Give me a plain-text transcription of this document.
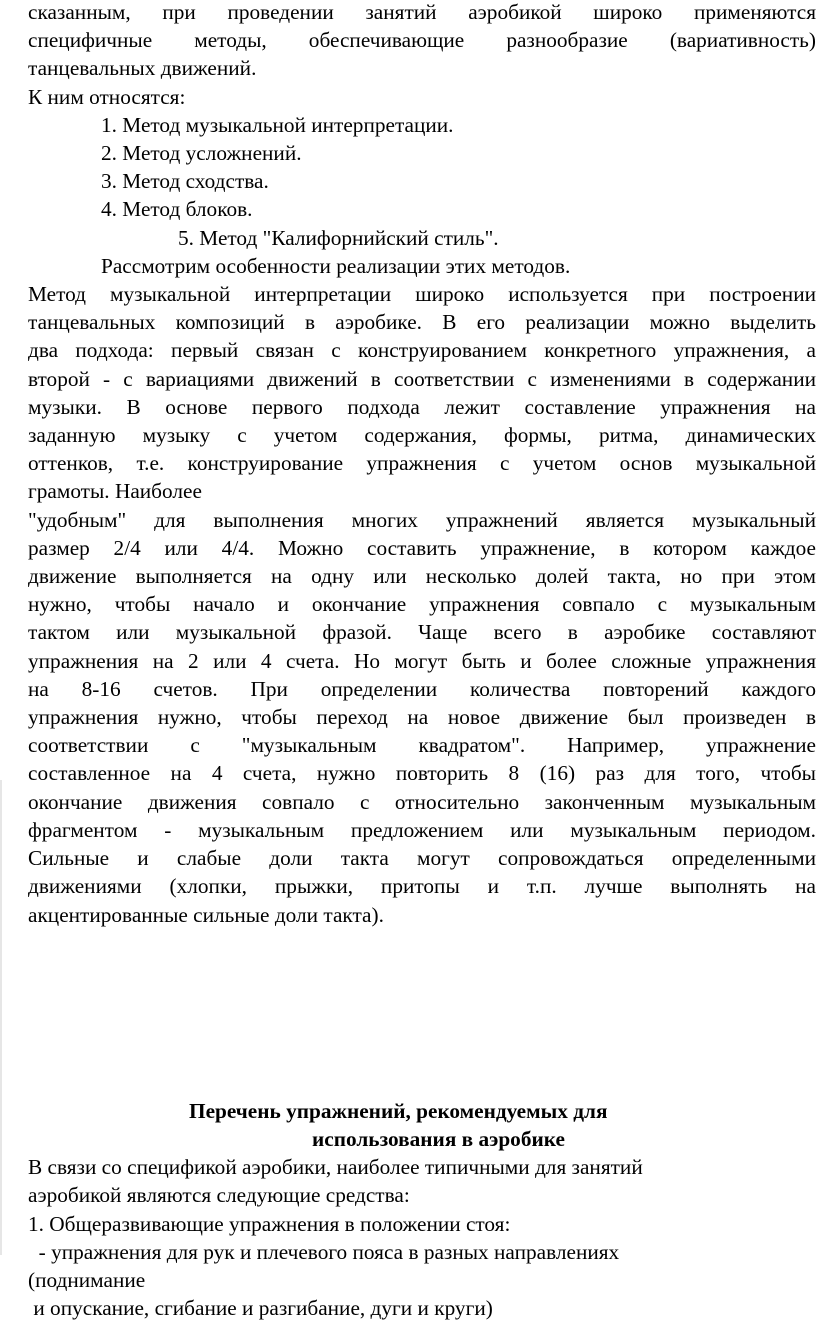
сказанным, при проведении занятий аэробикой широко применяются
специфичные методы, обеспечивающие разнообразие (вариативность)
танцевальных движений.
К ним относятся:
1. Метод музыкальной интерпретации.
2. Метод усложнений.
3. Метод сходства.
4. Метод блоков.
5. Метод "Калифорнийский стиль".
Рассмотрим особенности реализации этих методов.
Метод музыкальной интерпретации широко используется при построении
танцевальных композиций в аэробике. В его реализации можно выделить
два подхода: первый связан с конструированием конкретного упражнения, а
второй - с вариациями движений в соответствии с изменениями в содержании
музыки. В основе первого подхода лежит составление упражнения на
заданную музыку с учетом содержания, формы, ритма, динамических
оттенков, т.е. конструирование упражнения с учетом основ музыкальной
грамоты. Наиболее
"удобным" для выполнения многих упражнений является музыкальный
размер 2/4 или 4/4. Можно составить упражнение, в котором каждое
движение выполняется на одну или несколько долей такта, но при этом
нужно, чтобы начало и окончание упражнения совпало с музыкальным
тактом или музыкальной фразой. Чаще всего в аэробике составляют
упражнения на 2 или 4 счета. Но могут быть и более сложные упражнения
на 8-16 счетов. При определении количества повторений каждого
упражнения нужно, чтобы переход на новое движение был произведен в
соответствии с "музыкальным квадратом". Например, упражнение
составленное на 4 счета, нужно повторить 8 (16) раз для того, чтобы
окончание движения совпало с относительно законченным музыкальным
фрагментом - музыкальным предложением или музыкальным периодом.
Сильные и слабые доли такта могут сопровождаться определенными
движениями (хлопки, прыжки, притопы и т.п. лучше выполнять на
акцентированные сильные доли такта).
Перечень упражнений, рекомендуемых для
использования в аэробике
В связи со спецификой аэробики, наиболее типичными для занятий
аэробикой являются следующие средства:
1. Общеразвивающие упражнения в положении стоя:
- упражнения для рук и плечевого пояса в разных направлениях
(поднимание
и опускание, сгибание и разгибание, дуги и круги)
